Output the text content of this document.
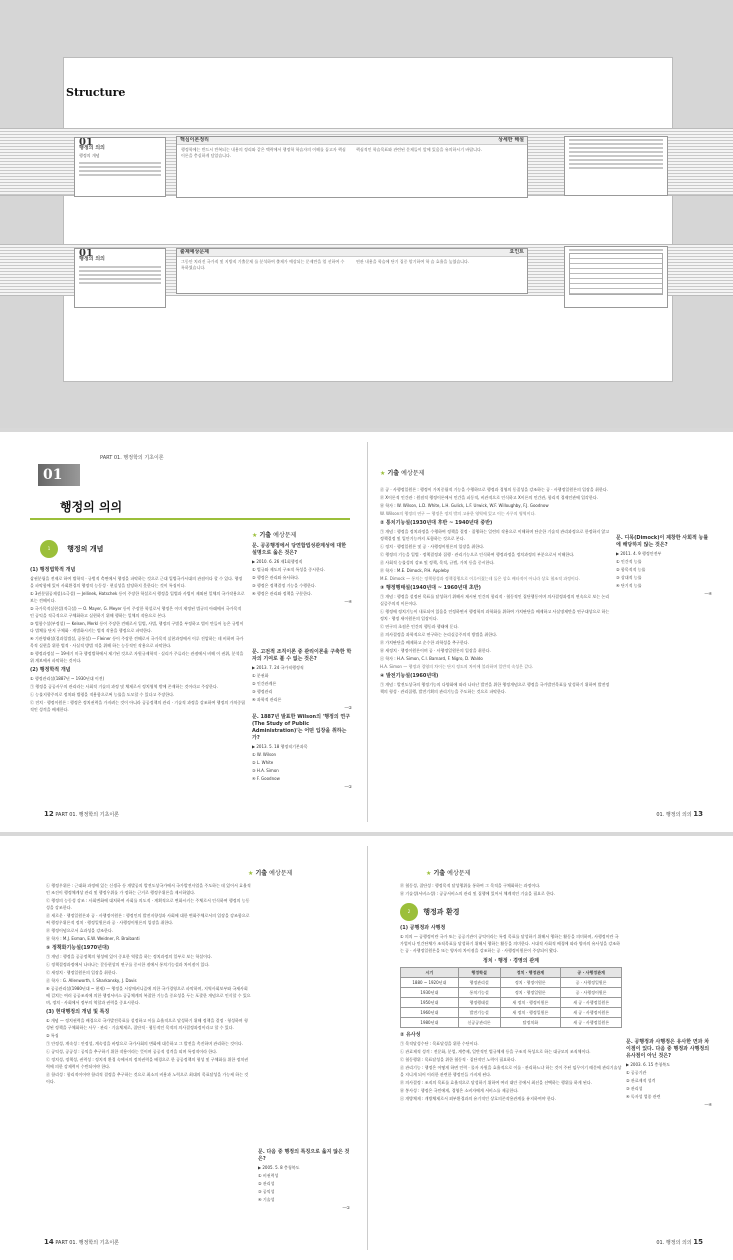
Structure
01
행정의 의의
행정의 개념
핵심이론정리	상세한 해설
행정학에는 반드시 반복되는 내용의 정리와 같은 맥락에서 행정학 학습자의 이해를 돕고자 핵심 이론을 충실하게 담았습니다.
핵심적인 학습목표와 관련된 문제들이 앞에 있음을 유의하시기 바랍니다.
01
행정의 의의
출제예상문제	요인트
그동안 치러진 국가직 및 지방직 기출문제 를 분석하여 출제가 예상되는 문제만을 엄 선하여 수록하였습니다.
연관 내용을 학습에 단기 집중 암기하여 학 습 효율을 높였습니다.
01
PART 01. 행정학의 기초이론
행정의 의의
1 행정의 개념

(1) 행정법학적 개념

삼권분립을 전제로 하여 법학적 · 규범적 측면에서 행정을 파악하는 것으로 근대 입법국가시대의 관점이다 할 수 있다. 행정을 파악함에 있어 사회환경의 행정적 능동성 · 현실성을 담당하지 못한다는 것이 특징이다.

① 3권분립공제설(소극설) — Jellinek, Hatschek 등이 주장한 학설로서 행정을 입법과 사법이 제외된 일체의 국가작용으로 보는 견해이다.

② 국가목적실현설(적극설) — O. Mayer, G. Meyer 등이 주장한 학설로서 행정은 이미 제정된 법규의 아래에서 국가목적인 공익을 적극적으로 구체화하고 실현하기 위해 행하는 일체의 작용으로 본다.

③ 법함수설(부정설) — Kelsen, Merkl 등이 주장한 견해로서 입법, 사법, 행정의 구별을 부정하고 법이 만들어 놓은 규범이다 법체를 단지 구체화 · 개별화시키는 법적 작용을 행정으로 파악한다.

④ 기관양태설(결과입법설, 공통설) — Fleiner 등이 주장한 견해로서 국가목적 실현과정에서 이루 진압하는 데 비하며 국가목적 실현을 위한 법적 · 사실적 방법 적을 위해 하는 능동적인 작용으로 파악한다.

⑤ 행정과정설 — 19세기 미국 행정법학에서 제기된 것으로 자원규제학적 · 실리가 주류라는 관점에서 비해 이 권위, 분석을 위 계보에서 파악하는 것이다.

(2) 행정학적 개념

① 행정관리설(1887년 ~ 1930년대 이전)

㉠ 행정을 공공사무의 관리라는 사회적 기술의 과정 및 체제로서 정치영역 밖에 존재하는 것이라고 주장한다.

㉡ 능률지향주의로 정치와 법령을 적용함으로써 능률을 도모할 수 있다고 주장한다.

㉢ 전치 · 행정이원론 : 행정은 정치권력을 가지려는 것이 아니라 공공정책의 관리 · 기술적 과정을 강조하여 행정의 가치중립적인 성격을 배제한다.

★ 기출 예상문제

문. 공공행정에서 당연합법성관계성에 대한 설명으로 옳은 것은?

▶ 2010. 6. 26 제1회행정직

① 법규와 제도의 구조적 특성을 중시한다.

② 행정은 관리와 유사하다.

③ 행정은 정책결정 기능을 수행한다.

④ 행정은 관리와 정책을 구분한다.

—④

문. 고전적 조직이론 중 관리이론을 구축한 학자의 기여로 볼 수 없는 것은?

▶ 2013. 7. 24 국가직행정직

① 분권화

② 인간관계론

③ 행정관리

④ 과학적 관리론

—②

문. 1887년 발표한 Wilson의 '행정의 연구(The Study of Public Administration)'는 어떤 입장을 취하는가?

▶ 2013. 5. 18 행정직기본과목

① W. Wilson

② L. White

③ H.A. Simon

④ F. Goodnow

—①

★ 기출 예상문제

㉣ 공 · 사행정일원론 : 행정이 가치중립적 기능을 수행하므로 행정과 경영의 동질성을 강조하는 공 · 사행정일원론의 입장을 취한다.

㉤ X이론적 인간관 : 원점적 행정이론에서 인간을 피동적, 비관적으로 인식하고 X이론의 인간관, 합리적 경제인관에 입각한다.

㉥ 학자 : W. Wilson, L.D. White, L.H. Gulick, L.F. Urwick, W.F. Willoughby, F.J. Goodnow

W. Wilson의 행정의 연구 — 행정은 정치 밖의 고유한 영역에 있고 이는 사무의 영역이다.

② 통치기능설(1930년대 후반 ~ 1940년대 중반)

㉠ 개념 : 행정을 정치과정을 수행하여 정책을 결정 · 집행하는 일련의 작용으로 이해하며 단순한 기술적 관리과정으로 한정하지 않고 정책결정 및 입안기능까지 포함하는 것으로 본다.

㉡ 정치 · 행정일원론 및 공 · 사행정이원론의 입장을 취한다.

㉢ 행정의 기능을 입법 · 정책결정과 집행 · 관리기능으로 인식하여 행정과정을 정치과정의 부분으로서 이해한다.

㉣ 사회적 능률성의 강조 및 정책, 목적, 규범, 가치 등을 중시한다.

㉤ 학자 : M.E. Dimock, P.H. Appleby

M.E. Dimock — 통치는 정책형성과 정책집행으로 이루어졌는데 둘은 상호 배타적이 아니라 상호 협조적 과정이다.

③ 행정행태설(1940년대 ~ 1960년대 초반)

㉠ 개념 : 행정을 설정된 목표를 달성하기 위해서 제시된 인간의 합리적 · 협동적인 집단행동이며 의사결정과정의 연속으로 보는 논리실증주의적 이론이다.

㉡ 행정에 정치기능이 내포되어 있음을 인정하면서 행정학의 과학화를 위하여 가치판단을 배제하고 사실명제만을 연구대상으로 하는 정치 · 행정 새이원론의 입장이다.

㉢ 연구의 초점은 인간의 행동과 행태에 둔다.

㉣ 의사결정을 과학적으로 연구하는 논리실증주의적 방법을 취한다.

㉤ 가치판단을 배제하고 순수한 과학성을 추구한다.

㉥ 새정치 · 행정이원론이며 공 · 사행정일원론의 입장을 취한다.

㉦ 학자 : H.A. Simon, C.I. Barnard, F. Nigro, D. Waldo

H.A. Simon — 행정과 경영의 차이는 단지 정도의 차이에 불과하며 일반적 속성은 같다.

④ 발전기능설(1960년대)

㉠ 개념 : 발전도상국의 행정기능의 다양화에 따라 나타난 발전을 위한 행정개념으로 행정을 국가발전목표를 달성하기 위하여 발전정책의 형성 · 관리집행, 발전기획의 관리기능을 주도하는 것으로 파악한다.

문. 디목(Dimock)이 제창한 사회적 능률에 해당하지 않는 것은?

▶ 2011. 4. 9 행정안전부

① 인간적 능률

② 합목적적 능률

③ 상대적 능률

④ 단기적 능률

—④

12 PART 01. 행정학의 기초이론	01. 행정의 의의 13
★ 기출 예상문제	★ 기출 예상문제

㉡ 행정우위론 : 근대화 과정에 있는 신생국 등 개발공의 발전도상국가에서 국가발전사업을 주도하는 데 있어서 효율적인 조건이 행정체계상 관리 및 행정우위를 가 정하는 근거로 행정우위론을 제시하였다.

㉢ 행정의 능동성 강조 : 사회변화에 대처하여 사회를 의도적 · 계획적으로 변화시키는 주체로서 인식하여 행정의 능동성을 강조한다.

㉣ 새로운 · 행정일원론과 공 · 사행정이원론 : 행정인의 발전지향성과 사회에 대한 변화주체로서의 입장을 강조함으로써 행정우위론적 정치 · 행정일원론과 공 · 사행정이원론의 입장을 취한다.

㉤ 행정이념으로서 효과성을 강조한다.

㉥ 학자 : M.J. Esman, E.W. Weidner, R. Braibanti

⑤ 정책화기능설(1970년대)

㉠ 개념 : 행정을 공공정책의 형성에 있어 중요한 역할을 하는 정치과정의 일부로 보는 학설이다.

㉡ 정책결정과정에서 나타나는 갈등현상의 연구를 중시한 점에서 통치기능설과 차이점이 있다.

㉢ 새정치 · 행정일원론의 입장을 취한다.

㉣ 학자 : G. Allenworth, I. Sharkansky, J. Davis

⑥ 공공관리설(1980년대 ~ 현재) — 행정을 시장메커니즘에 의한 국가경영으로 파악하며, 지역사회보부와 국제사회에 걸치는 여러 공공조직에 의한 행정서비스 공급체계의 복잡한 기능을 중요성을 두는 포괄한 개념으로 인식할 수 있으며, 정치 · 사회에서 정부의 역할과 권력을 중요시한다.

(3) 현대행정의 개념 및 특징

① 개념 — 정치권력을 배경으로 국가발전목표를 설정하고 이를 효율적으로 달성하기 위해 정책을 결정 · 형성하며 형성된 정책을 구체화하는 사무 · 관리 · 기술체제로, 집단적 · 협동적인 목적의 의사결정과정이라고 할 수 있다.

② 특징

㉠ 안정성, 계속성 : 안정성, 계속성을 바탕으로 국가사회의 변화에 대응하고 그 발전을 촉진하며 관리하는 것이다.

㉡ 공익성, 공공성 : 공익을 추구하기 위한 작용이라는 뜻이며 공공적 성격을 띠며 특정적이라 한다.

㉢ 정치성, 정책성, 권력성 : 정치적 환경 속에서의 정치권력을 배경으로 한 공공정책의 형성 및 구체화를 위한 정치권력에 의한 강제력이 수반되어야 한다.

㉣ 합리성 : 합리적이어야 합리적 결정을 추구하는 것으로 최소의 비용과 노력으로 최대의 목표달성을 가능케 하는 것이다.

문. 다음 중 행정의 특징으로 옳지 않은 것은?

▶ 2005. 5. 8 충청북도

① 비권력성

② 관리성

③ 공익성

④ 기술성

—①

㉤ 협동성, 집단성 : 행정목적 달성행위를 통하여 그 목적을 구체화하는 과정이다.

㉥ 기술성(서비스성) : 공공서비스의 관리 및 집행에 있어서 체계적인 기술을 필요로 한다.

2 행정과 환경

(1) 공행정과 사행정

① 의의 — 공행정이란 국가 또는 공공기관이 공익이라는 특정 목표를 달성하기 위해서 행하는 활동을 의미하며, 사행정이란 국가업이나 민간단체가 조직목표를 달성하기 위해서 행하는 활동을 의미한다. 시대적 사회적 배경에 따라 양자의 유사성을 강조하는 공 · 사행정일원론을 또는 양자의 차이점을 강조하는 공 · 사행정이원론이 주장되어 왔다.

정치 · 행정 · 경영의 관계

시기	행정학설	정치 · 행정관계	공 · 사행정관계
1880 ~ 1920년대	행정관리설	정치 · 행정이원론	공 · 사행정일원론
1930년대	통치기능설	정치 · 행정일원론	공 · 사행정이원론
1950년대	행정행태설	새 정치 · 행정이원론	새 공 · 사행정일원론
1960년대	발전기능설	새 정치 · 행정일원론	새 공 · 사행정이원론
1980년대	신공공관리론	탈정치화	새 공 · 사행정일원론

② 유사성

㉠ 목적달성수단 : 목표달성을 위한 수단이다.

㉡ 관료제적 성격 : 전문화, 분업, 계층제, 일반적인 법규체제 등을 구조적 특성으로 하는 대규모의 조직체이다.

㉢ 협동행위 : 목표달성을 위한 협동적 · 집단적인 노력이 필요하다.

㉣ 관리기능 : 행정은 어떻게 하면 인력 · 물자 자원을 효율적으로 이를 · 관리하느냐 하는 것이 주된 임무이기 때문에 관리기술상을 지니게 되어 이러한 관련한 행정인들 가지게 된다.

㉤ 의사결정 : 조직의 목표를 효율적으로 달성하기 위하여 여러 대안 중에서 최선을 선택하는 행위를 하게 된다.

㉥ 봉사성 : 행정은 국민에게, 경영은 소비자에게 서비스를 제공한다.

㉦ 개방체제 : 개방체제로서 외부환경과의 유기적인 상호의존작용관계를 유지하여야 한다.

문. 공행정과 사행정은 유사한 면과 차이점이 있다. 다음 중 행정과 사행정의 유사점이 아닌 것은?

▶ 2003. 6. 15 충청북도

① 공공기관

② 관료제적 성격

③ 관리성

④ 독자성 업종 관련

—④

14 PART 01. 행정학의 기초이론	01. 행정의 의의 15
